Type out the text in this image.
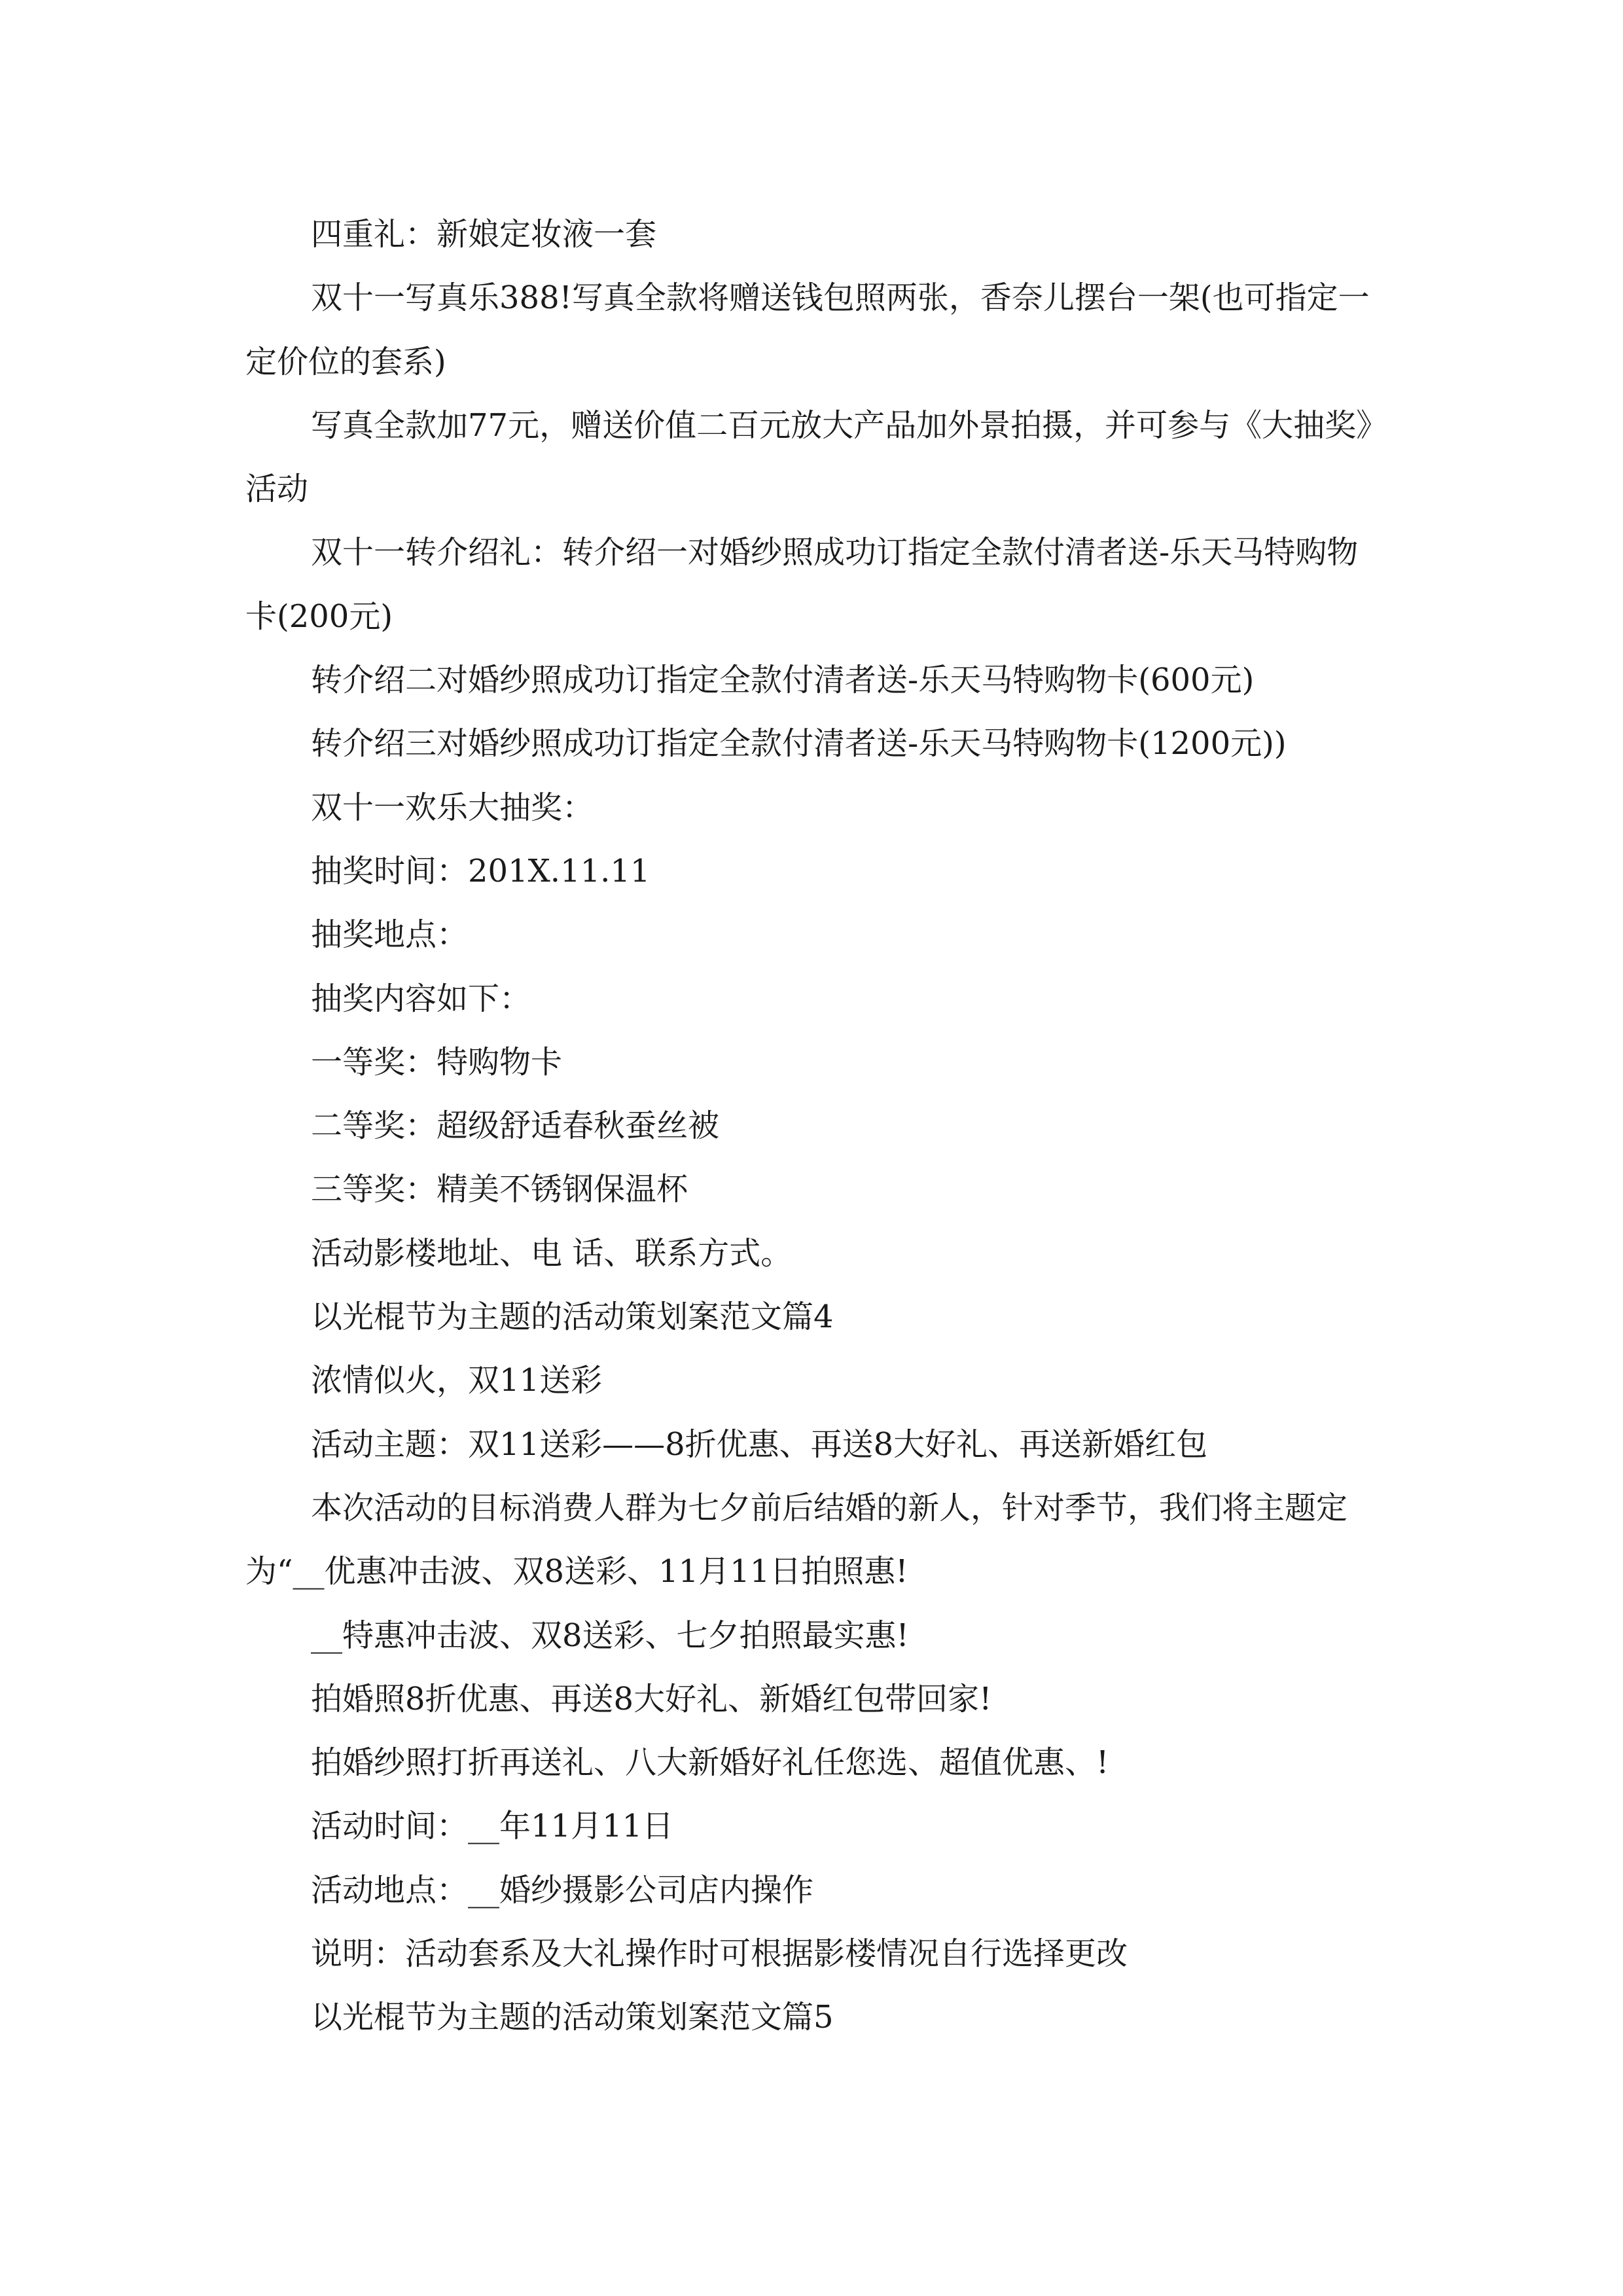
四重礼：新娘定妆液一套

双十一写真乐388!写真全款将赠送钱包照两张，香奈儿摆台一架(也可指定一定价位的套系)

写真全款加77元，赠送价值二百元放大产品加外景拍摄，并可参与《大抽奖》活动

双十一转介绍礼：转介绍一对婚纱照成功订指定全款付清者送-乐天马特购物卡(200元)

转介绍二对婚纱照成功订指定全款付清者送-乐天马特购物卡(600元)

转介绍三对婚纱照成功订指定全款付清者送-乐天马特购物卡(1200元))

双十一欢乐大抽奖：

抽奖时间：201X.11.11

抽奖地点：

抽奖内容如下：

一等奖：特购物卡

二等奖：超级舒适春秋蚕丝被

三等奖：精美不锈钢保温杯

活动影楼地址、电 话、联系方式。

以光棍节为主题的活动策划案范文篇4

浓情似火，双11送彩

活动主题：双11送彩——8折优惠、再送8大好礼、再送新婚红包

本次活动的目标消费人群为七夕前后结婚的新人，针对季节，我们将主题定为“__优惠冲击波、双8送彩、11月11日拍照惠!

__特惠冲击波、双8送彩、七夕拍照最实惠!

拍婚照8折优惠、再送8大好礼、新婚红包带回家!

拍婚纱照打折再送礼、八大新婚好礼任您选、超值优惠、!

活动时间：__年11月11日

活动地点：__婚纱摄影公司店内操作

说明：活动套系及大礼操作时可根据影楼情况自行选择更改

以光棍节为主题的活动策划案范文篇5
